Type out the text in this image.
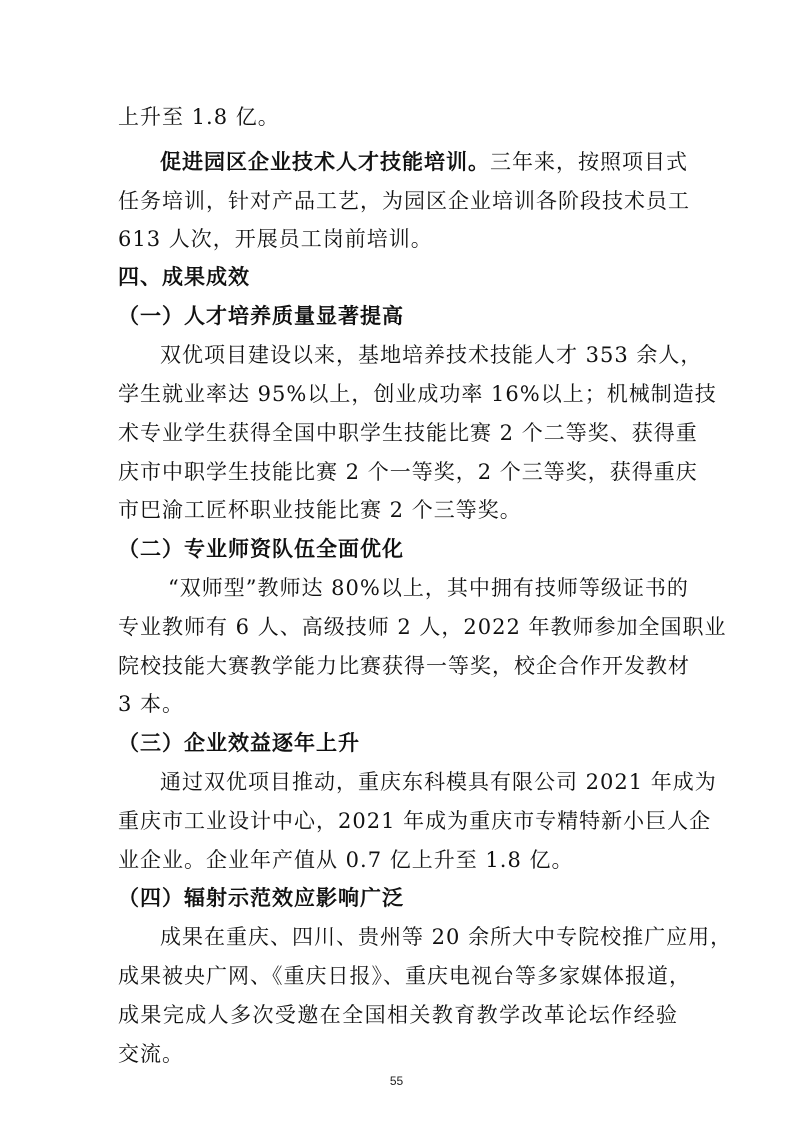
上升至 1.8 亿。
促进园区企业技术人才技能培训。三年来，按照项目式
任务培训，针对产品工艺，为园区企业培训各阶段技术员工
613 人次，开展员工岗前培训。
四、成果成效
（一）人才培养质量显著提高
双优项目建设以来，基地培养技术技能人才 353 余人，
学生就业率达 95%以上，创业成功率 16%以上；机械制造技
术专业学生获得全国中职学生技能比赛 2 个二等奖、获得重
庆市中职学生技能比赛 2 个一等奖，2 个三等奖，获得重庆
市巴渝工匠杯职业技能比赛 2 个三等奖。
（二）专业师资队伍全面优化
“双师型”教师达 80%以上，其中拥有技师等级证书的
专业教师有 6 人、高级技师 2 人，2022 年教师参加全国职业
院校技能大赛教学能力比赛获得一等奖，校企合作开发教材
3 本。
（三）企业效益逐年上升
通过双优项目推动，重庆东科模具有限公司 2021 年成为
重庆市工业设计中心，2021 年成为重庆市专精特新小巨人企
业企业。企业年产值从 0.7 亿上升至 1.8 亿。
（四）辐射示范效应影响广泛
成果在重庆、四川、贵州等 20 余所大中专院校推广应用，
成果被央广网、《重庆日报》、重庆电视台等多家媒体报道，
成果完成人多次受邀在全国相关教育教学改革论坛作经验
交流。
55
